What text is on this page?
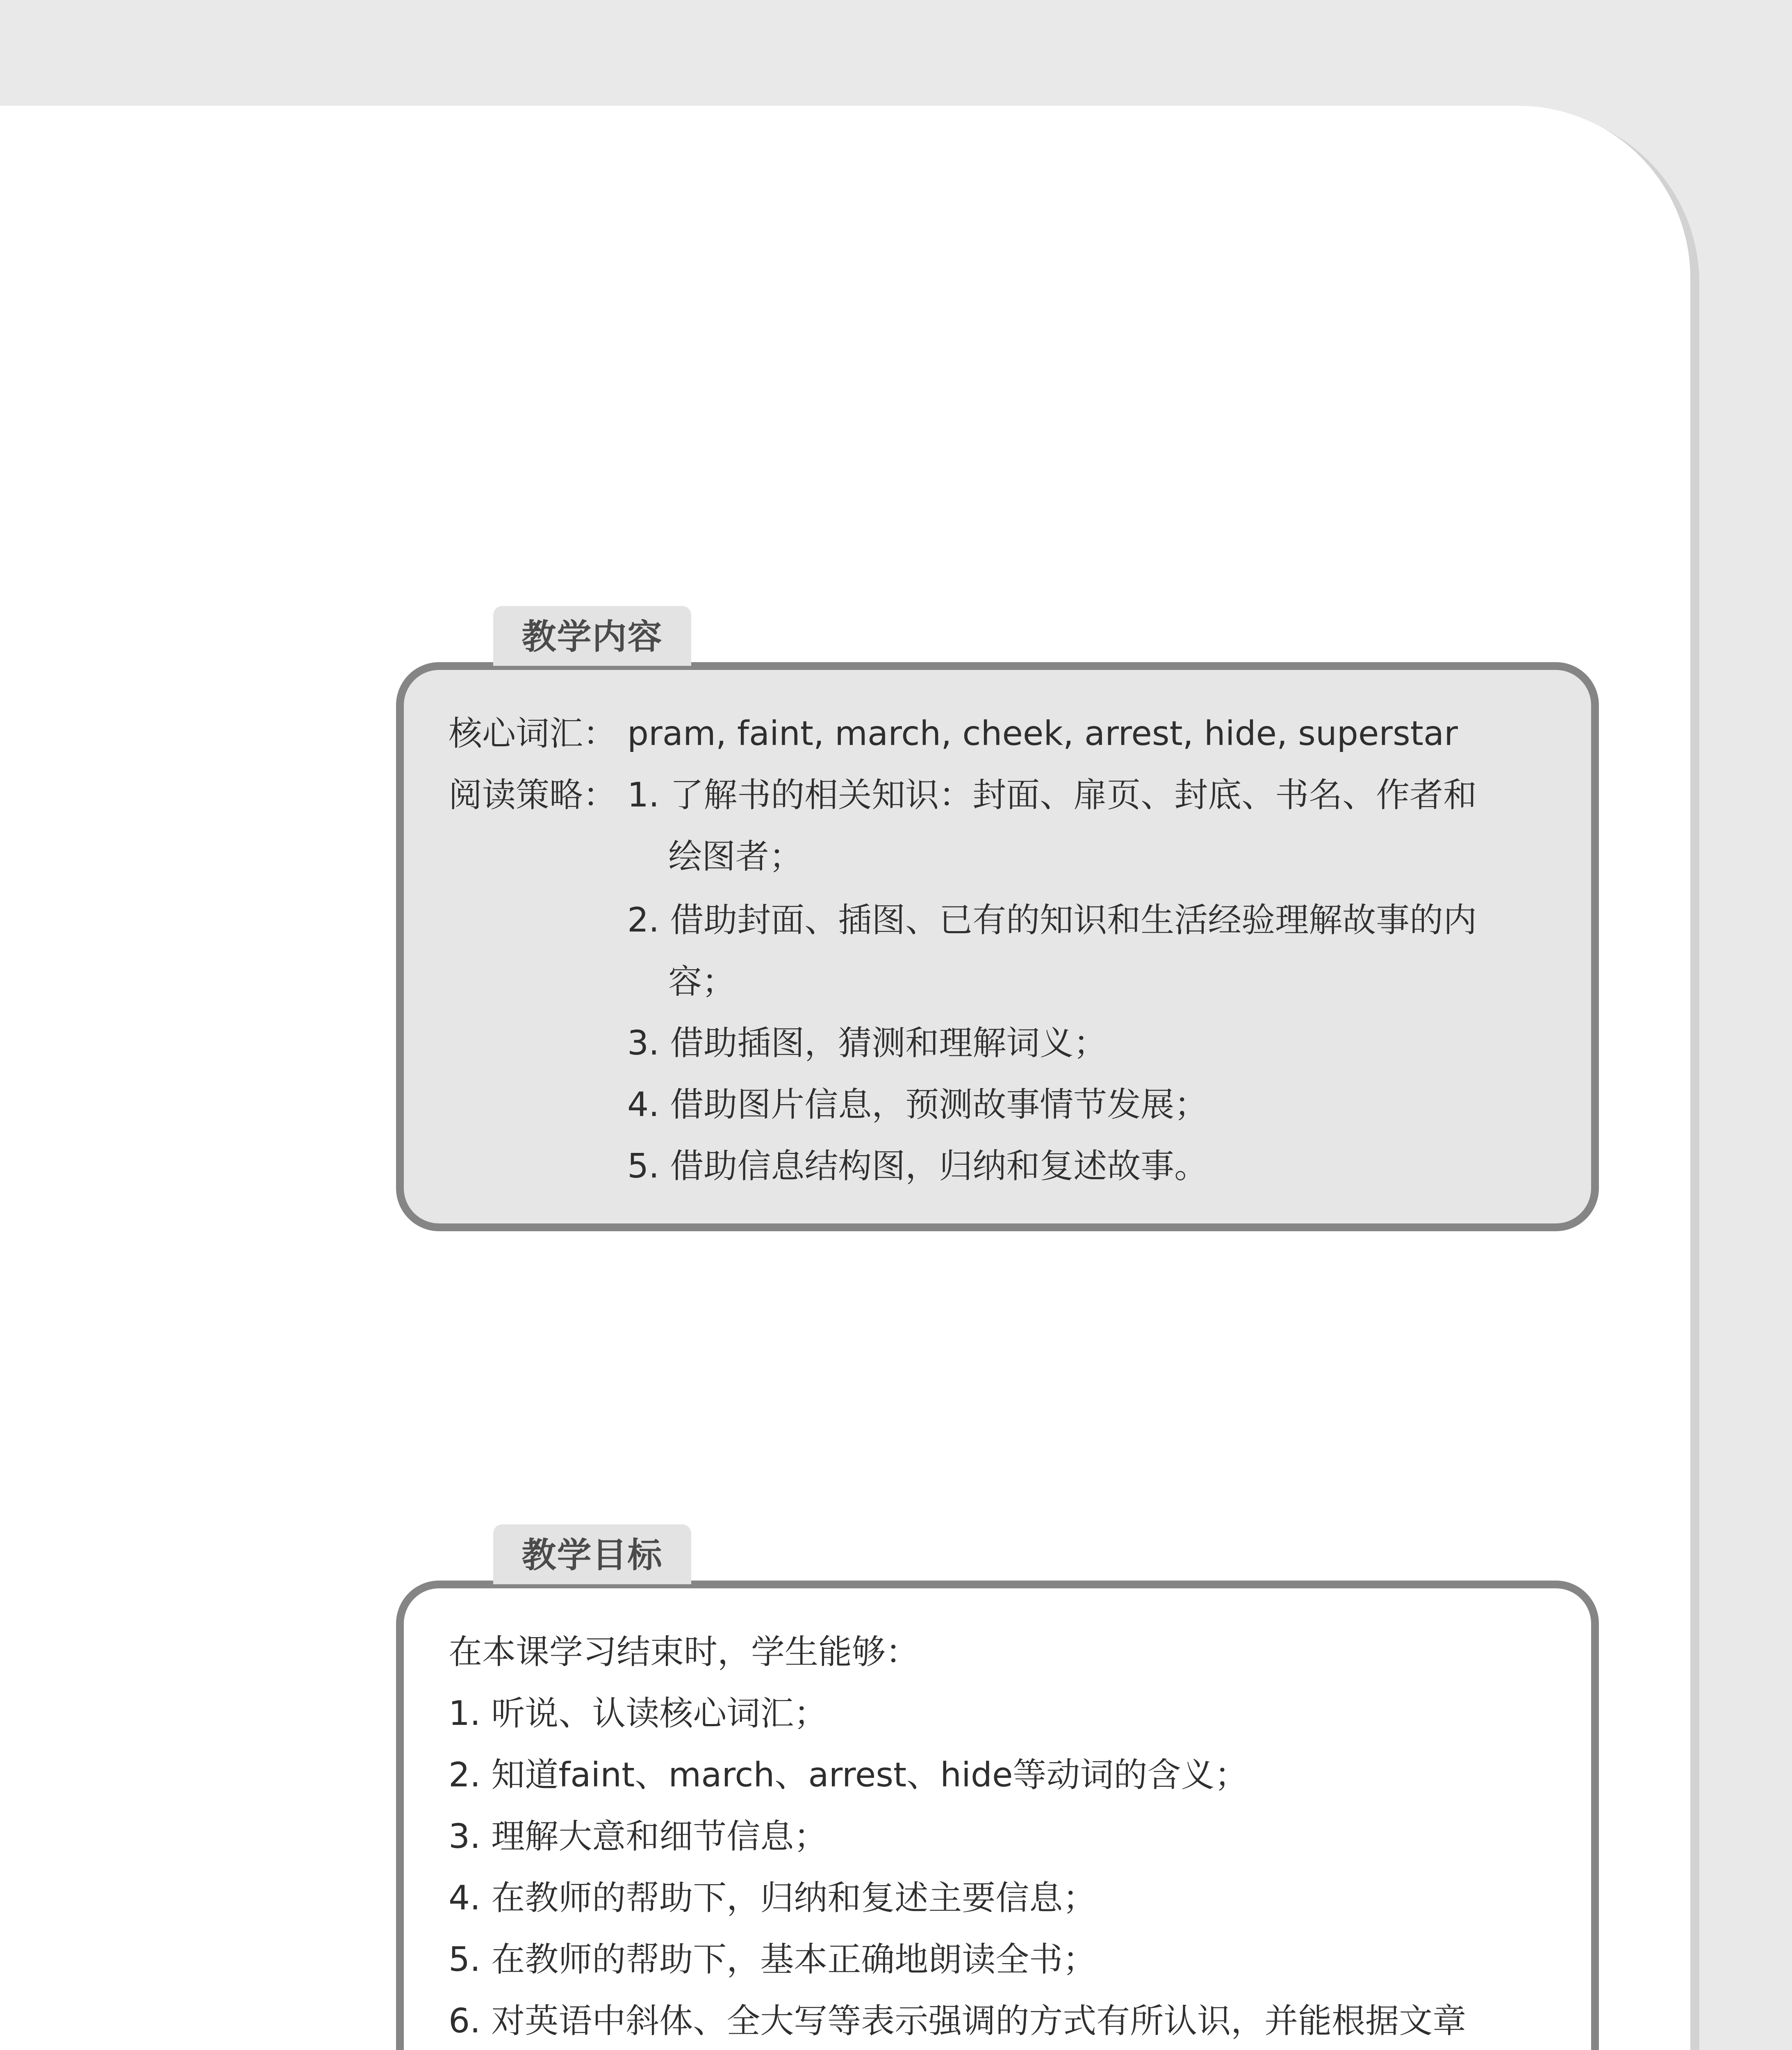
教学内容
核心词汇： pram, faint, march, cheek, arrest, hide, superstar
阅读策略： 1. 了解书的相关知识：封面、扉页、封底、书名、作者和
绘图者；
2. 借助封面、插图、已有的知识和生活经验理解故事的内
容；
3. 借助插图，猜测和理解词义；
4. 借助图片信息，预测故事情节发展；
5. 借助信息结构图，归纳和复述故事。
教学目标
在本课学习结束时，学生能够：
1. 听说、认读核心词汇；
2. 知道faint、march、arrest、hide等动词的含义；
3. 理解大意和细节信息；
4. 在教师的帮助下，归纳和复述主要信息；
5. 在教师的帮助下，基本正确地朗读全书；
6. 对英语中斜体、全大写等表示强调的方式有所认识，并能根据文章
